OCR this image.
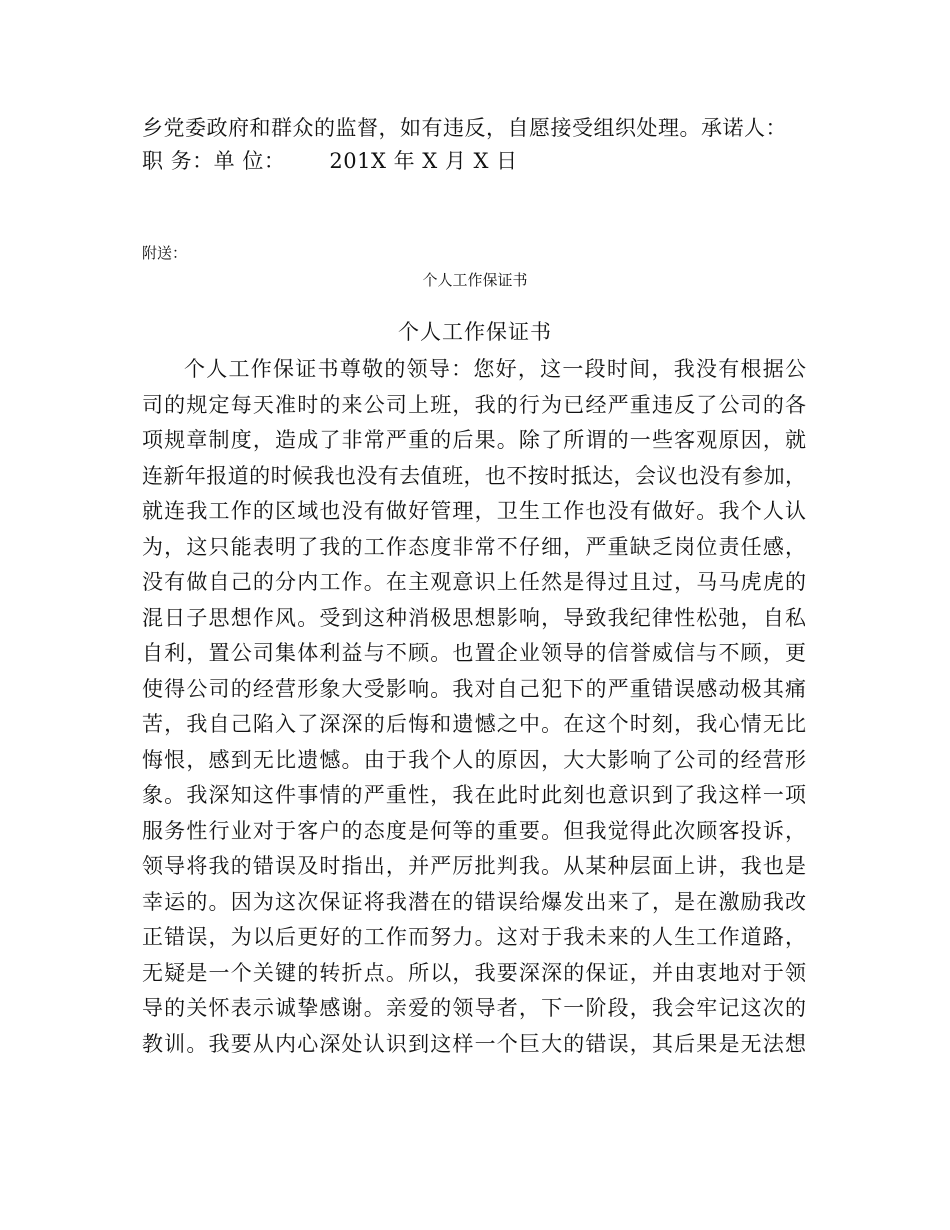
乡党委政府和群众的监督，如有违反，自愿接受组织处理。承诺人：
职 务：单 位： 201X 年 X 月 X 日
附送：
个人工作保证书
个人工作保证书
个人工作保证书尊敬的领导：您好，这一段时间，我没有根据公
司的规定每天准时的来公司上班，我的行为已经严重违反了公司的各
项规章制度，造成了非常严重的后果。除了所谓的一些客观原因，就
连新年报道的时候我也没有去值班，也不按时抵达，会议也没有参加，
就连我工作的区域也没有做好管理，卫生工作也没有做好。我个人认
为，这只能表明了我的工作态度非常不仔细，严重缺乏岗位责任感，
没有做自己的分内工作。在主观意识上任然是得过且过，马马虎虎的
混日子思想作风。受到这种消极思想影响，导致我纪律性松弛，自私
自利，置公司集体利益与不顾。也置企业领导的信誉威信与不顾，更
使得公司的经营形象大受影响。我对自己犯下的严重错误感动极其痛
苦，我自己陷入了深深的后悔和遗憾之中。在这个时刻，我心情无比
悔恨，感到无比遗憾。由于我个人的原因，大大影响了公司的经营形
象。我深知这件事情的严重性，我在此时此刻也意识到了我这样一项
服务性行业对于客户的态度是何等的重要。但我觉得此次顾客投诉，
领导将我的错误及时指出，并严厉批判我。从某种层面上讲，我也是
幸运的。因为这次保证将我潜在的错误给爆发出来了，是在激励我改
正错误，为以后更好的工作而努力。这对于我未来的人生工作道路，
无疑是一个关键的转折点。所以，我要深深的保证，并由衷地对于领
导的关怀表示诚挚感谢。亲爱的领导者，下一阶段，我会牢记这次的
教训。我要从内心深处认识到这样一个巨大的错误，其后果是无法想
